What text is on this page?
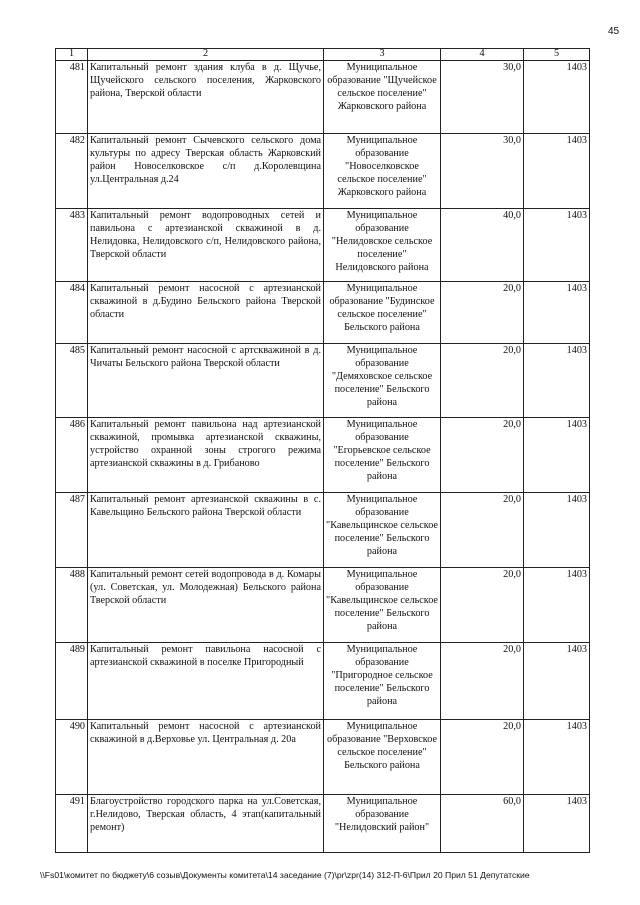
45
1	2	3	4	5
481	Капитальный ремонт здания клуба в д. Щучье, Щучейского сельского поселения, Жарковского района, Тверской области	Муниципальное образование "Щучейское сельское поселение" Жарковского района	30,0	1403
482	Капитальный ремонт Сычевского сельского дома культуры по адресу Тверская область Жарковский район Новоселковское с/п д.Королевщина ул.Центральная д.24	Муниципальное образование "Новоселковское сельское поселение" Жарковского района	30,0	1403
483	Капитальный ремонт водопроводных сетей и павильона с артезианской скважиной в д. Нелидовка, Нелидовского с/п, Нелидовского района, Тверской области	Муниципальное образование "Нелидовское сельское поселение" Нелидовского района	40,0	1403
484	Капитальный ремонт насосной с артезианской скважиной в д.Будино Бельского района Тверской области	Муниципальное образование "Будинское сельское поселение" Бельского района	20,0	1403
485	Капитальный ремонт насосной с артскважиной в д. Чичаты Бельского района Тверской области	Муниципальное образование "Демяховское сельское поселение" Бельского района	20,0	1403
486	Капитальный ремонт павильона над артезианской скважиной, промывка артезианской скважины, устройство охранной зоны строгого режима артезианской скважины в д. Грибаново	Муниципальное образование "Егорьевское сельское поселение" Бельского района	20,0	1403
487	Капитальный ремонт артезианской скважины в с. Кавельщино Бельского района Тверской области	Муниципальное образование "Кавельщинское сельское поселение" Бельского района	20,0	1403
488	Капитальный ремонт сетей водопровода в д. Комары (ул. Советская, ул. Молодежная) Бельского района Тверской области	Муниципальное образование "Кавельщинское сельское поселение" Бельского района	20,0	1403
489	Капитальный ремонт павильона насосной с артезианской скважиной в поселке Пригородный	Муниципальное образование "Пригородное сельское поселение" Бельского района	20,0	1403
490	Капитальный ремонт насосной с артезианской скважиной в д.Верховье ул. Центральная д. 20а	Муниципальное образование "Верховское сельское поселение" Бельского района	20,0	1403
491	Благоустройство городского парка на ул.Советская, г.Нелидово, Тверская область, 4 этап(капитальный ремонт)	Муниципальное образование "Нелидовский район"	60,0	1403
\\Fs01\комитет по бюджету\6 созыв\Документы комитета\14 заседание (7)\pr\zpr(14) 312-П-6\Прил 20 Прил 51 Депутатские
